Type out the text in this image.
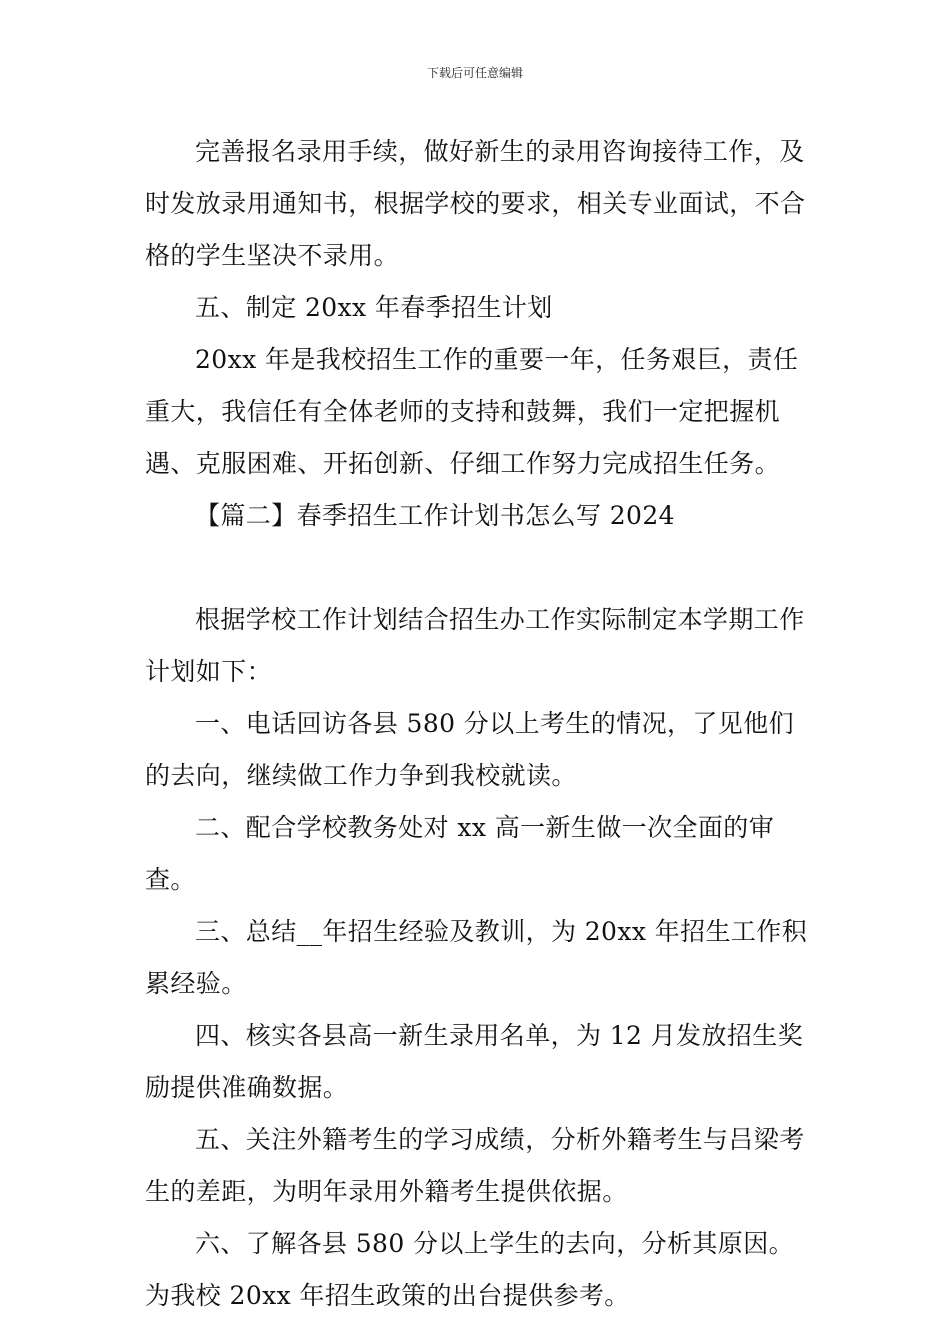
下载后可任意编辑

完善报名录用手续，做好新生的录用咨询接待工作，及时发放录用通知书，根据学校的要求，相关专业面试，不合格的学生坚决不录用。

五、制定 20xx 年春季招生计划

20xx 年是我校招生工作的重要一年，任务艰巨，责任重大，我信任有全体老师的支持和鼓舞，我们一定把握机遇、克服困难、开拓创新、仔细工作努力完成招生任务。

【篇二】春季招生工作计划书怎么写 2024

根据学校工作计划结合招生办工作实际制定本学期工作计划如下：

一、电话回访各县 580 分以上考生的情况，了见他们的去向，继续做工作力争到我校就读。

二、配合学校教务处对 xx 高一新生做一次全面的审查。

三、总结__年招生经验及教训，为 20xx 年招生工作积累经验。

四、核实各县高一新生录用名单，为 12 月发放招生奖励提供准确数据。

五、关注外籍考生的学习成绩，分析外籍考生与吕梁考生的差距，为明年录用外籍考生提供依据。

六、了解各县 580 分以上学生的去向，分析其原因。为我校 20xx 年招生政策的出台提供参考。
